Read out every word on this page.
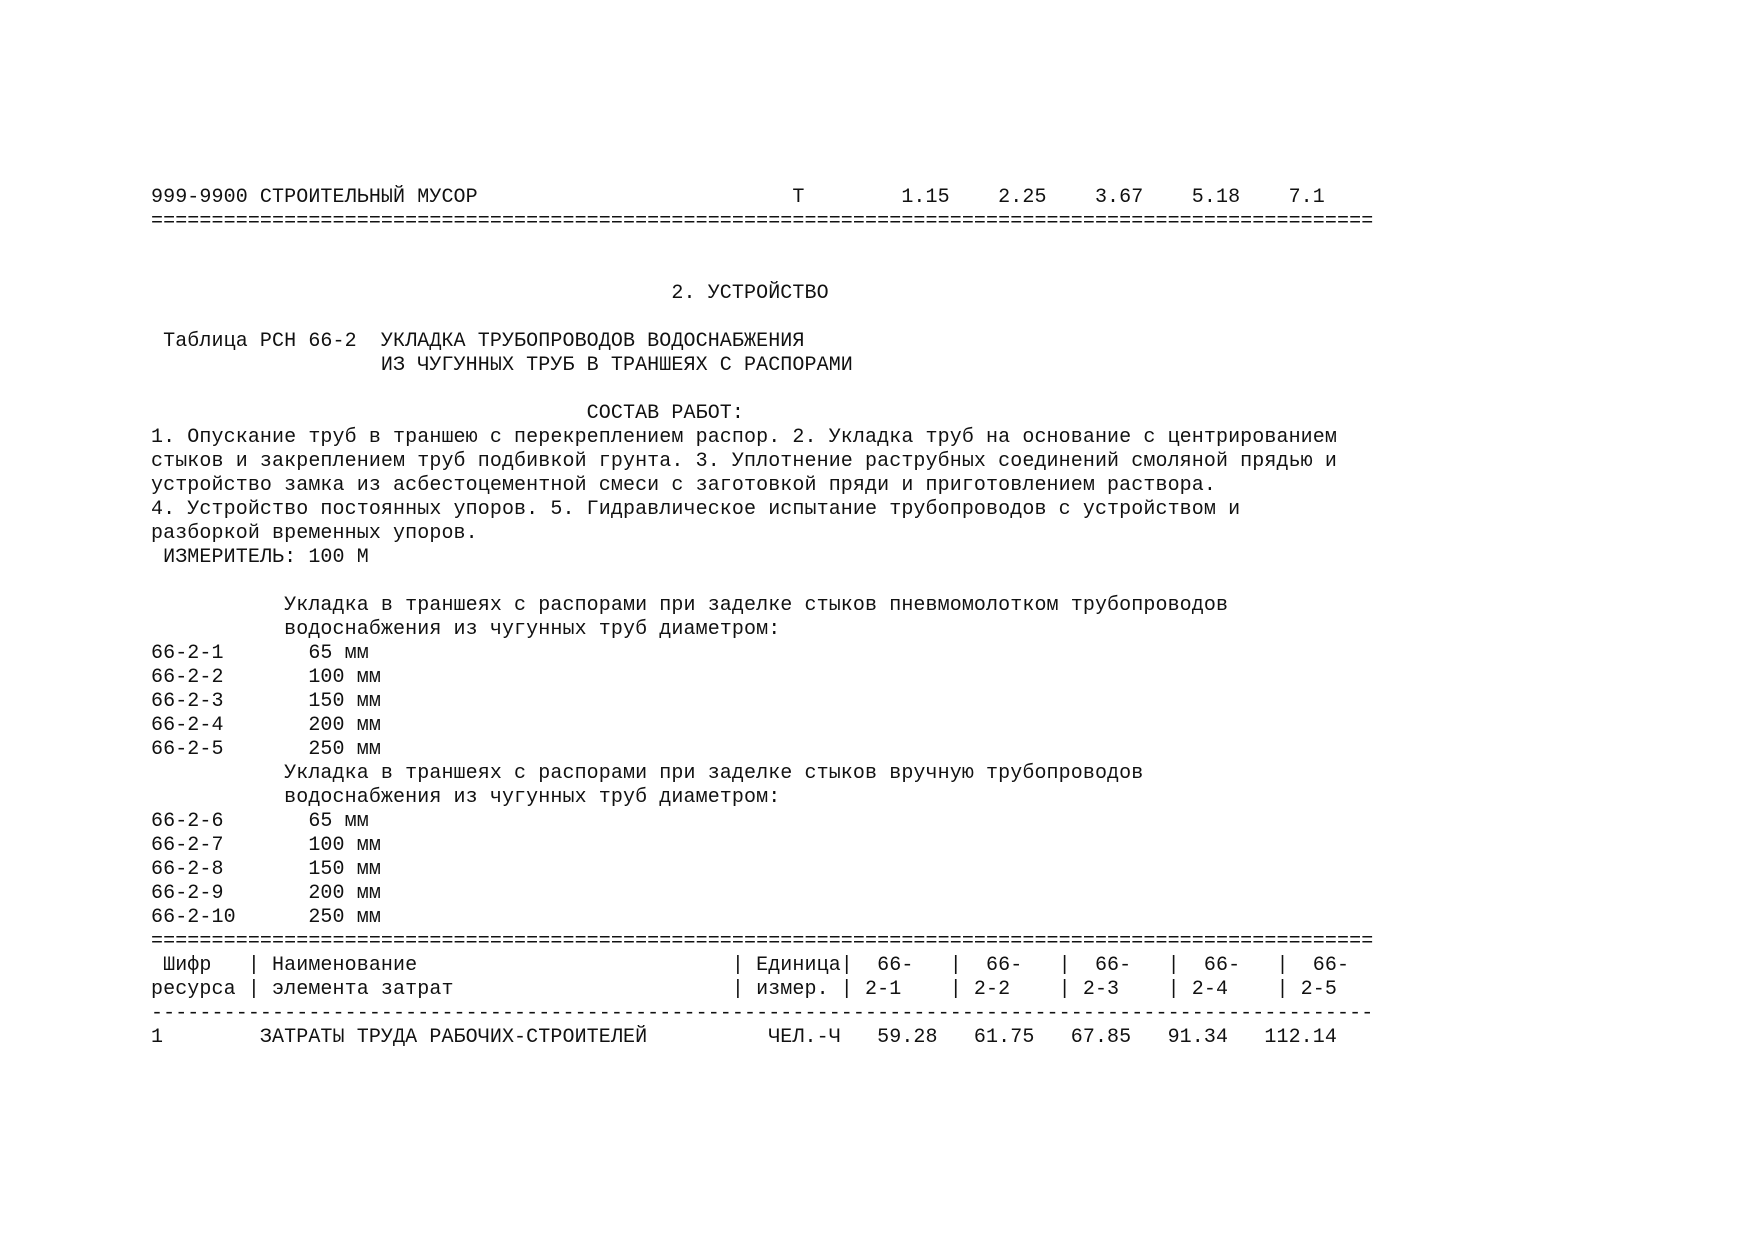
999-9900 СТРОИТЕЛЬНЫЙ МУСОР                          Т        1.15    2.25    3.67    5.18    7.1
=====================================================================================================
2. УСТРОЙСТВО
Таблица РСН 66-2  УКЛАДКА ТРУБОПРОВОДОВ ВОДОСНАБЖЕНИЯ
ИЗ ЧУГУННЫХ ТРУБ В ТРАНШЕЯХ С РАСПОРАМИ
СОСТАВ РАБОТ:
1. Опускание труб в траншею с перекреплением распор. 2. Укладка труб на основание с центрированием
стыков и закреплением труб подбивкой грунта. 3. Уплотнение раструбных соединений смоляной прядью и
устройство замка из асбестоцементной смеси с заготовкой пряди и приготовлением раствора.
4. Устройство постоянных упоров. 5. Гидравлическое испытание трубопроводов с устройством и
разборкой временных упоров.
ИЗМЕРИТЕЛЬ: 100 М
Укладка в траншеях с распорами при заделке стыков пневмомолотком трубопроводов
водоснабжения из чугунных труб диаметром:
66-2-1       65 мм
66-2-2       100 мм
66-2-3       150 мм
66-2-4       200 мм
66-2-5       250 мм
Укладка в траншеях с распорами при заделке стыков вручную трубопроводов
водоснабжения из чугунных труб диаметром:
66-2-6       65 мм
66-2-7       100 мм
66-2-8       150 мм
66-2-9       200 мм
66-2-10      250 мм
=====================================================================================================
Шифр   | Наименование                          | Единица|  66-   |  66-   |  66-   |  66-   |  66-
ресурса | элемента затрат                       | измер. | 2-1    | 2-2    | 2-3    | 2-4    | 2-5
-----------------------------------------------------------------------------------------------------
1        ЗАТРАТЫ ТРУДА РАБОЧИХ-СТРОИТЕЛЕЙ          ЧЕЛ.-Ч   59.28   61.75   67.85   91.34   112.14
